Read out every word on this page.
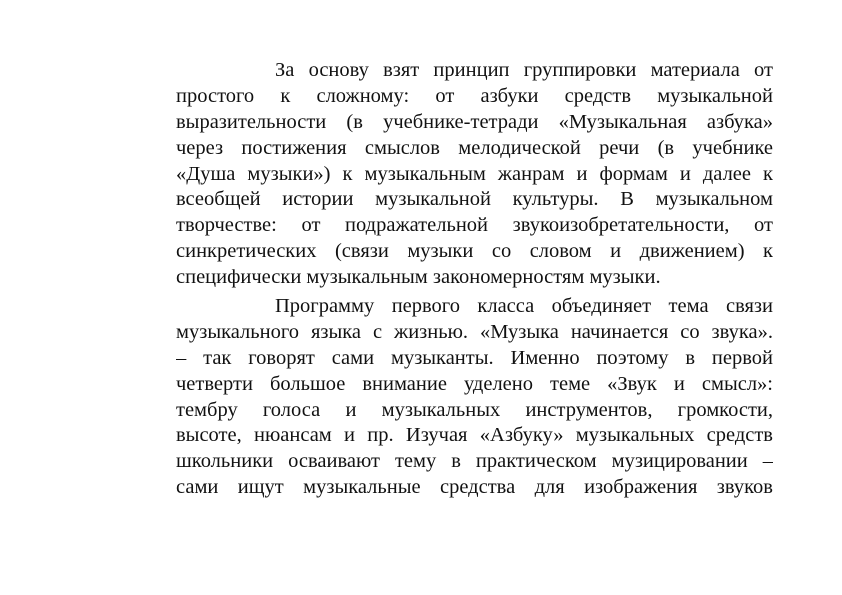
За основу взят принцип группировки материала от
простого к сложному: от азбуки средств музыкальной
выразительности (в учебнике-тетради «Музыкальная азбука»
через постижения смыслов мелодической речи (в учебнике
«Душа музыки») к музыкальным жанрам и формам и далее к
всеобщей истории музыкальной культуры. В музыкальном
творчестве: от подражательной звукоизобретательности, от
синкретических (связи музыки со словом и движением) к
специфически музыкальным закономерностям музыки.

Программу первого класса объединяет тема связи
музыкального языка с жизнью. «Музыка начинается со звука».
– так говорят сами музыканты. Именно поэтому в первой
четверти большое внимание уделено теме «Звук и смысл»:
тембру голоса и музыкальных инструментов, громкости,
высоте, нюансам и пр. Изучая «Азбуку» музыкальных средств
школьники осваивают тему в практическом музицировании –
сами ищут музыкальные средства для изображения звуков
